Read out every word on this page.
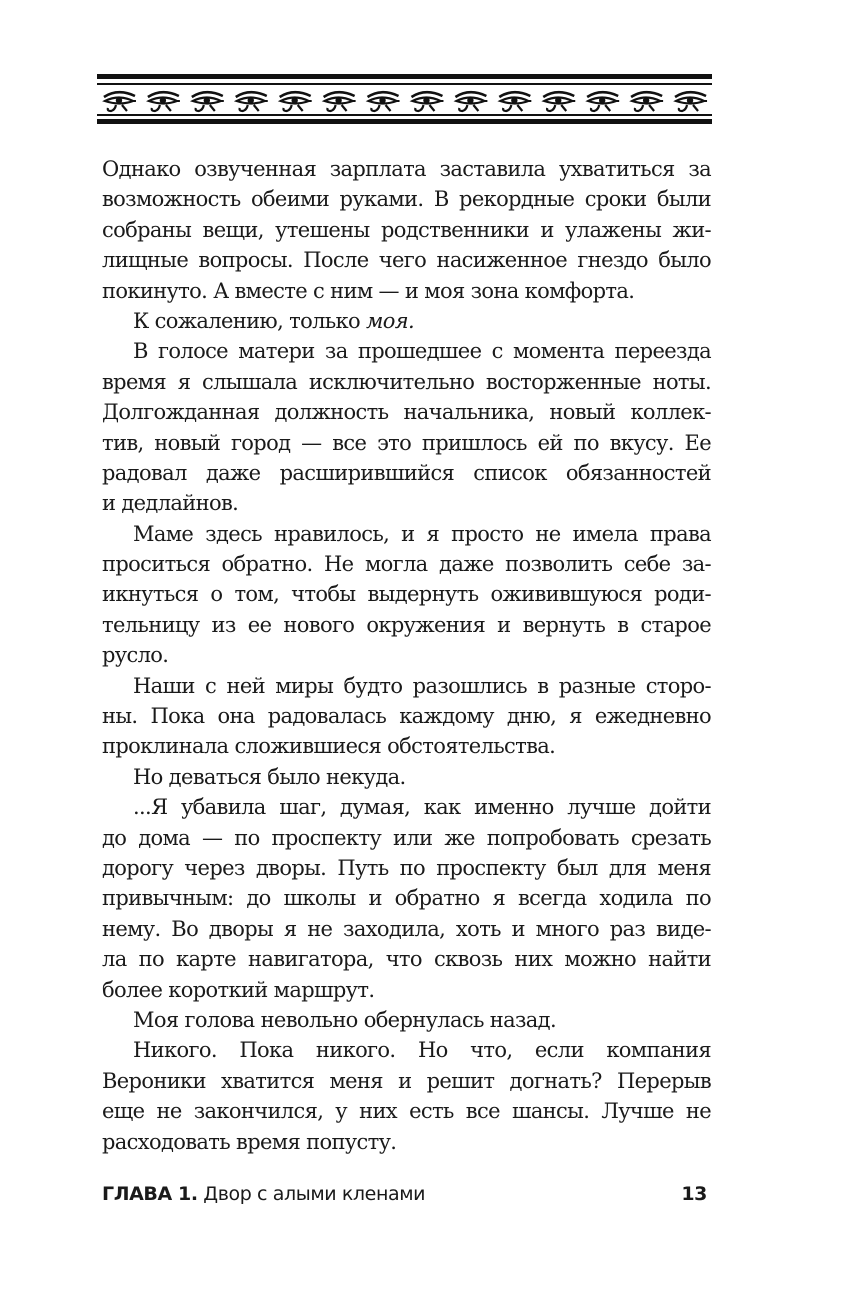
Однако озвученная зарплата заставила ухватиться за
возможность обеими руками. В рекордные сроки были
собраны вещи, утешены родственники и улажены жи-
лищные вопросы. После чего насиженное гнездо было
покинуто. А вместе с ним — и моя зона комфорта.
К сожалению, только моя.
В голосе матери за прошедшее с момента переезда
время я слышала исключительно восторженные ноты.
Долгожданная должность начальника, новый коллек-
тив, новый город — все это пришлось ей по вкусу. Ее
радовал даже расширившийся список обязанностей
и дедлайнов.
Маме здесь нравилось, и я просто не имела права
проситься обратно. Не могла даже позволить себе за-
икнуться о том, чтобы выдернуть оживившуюся роди-
тельницу из ее нового окружения и вернуть в старое
русло.
Наши с ней миры будто разошлись в разные сторо-
ны. Пока она радовалась каждому дню, я ежедневно
проклинала сложившиеся обстоятельства.
Но деваться было некуда.
...Я убавила шаг, думая, как именно лучше дойти
до дома — по проспекту или же попробовать срезать
дорогу через дворы. Путь по проспекту был для меня
привычным: до школы и обратно я всегда ходила по
нему. Во дворы я не заходила, хоть и много раз виде-
ла по карте навигатора, что сквозь них можно найти
более короткий маршрут.
Моя голова невольно обернулась назад.
Никого. Пока никого. Но что, если компания
Вероники хватится меня и решит догнать? Перерыв
еще не закончился, у них есть все шансы. Лучше не
расходовать время попусту.
ГЛАВА 1. Двор с алыми кленами	13
